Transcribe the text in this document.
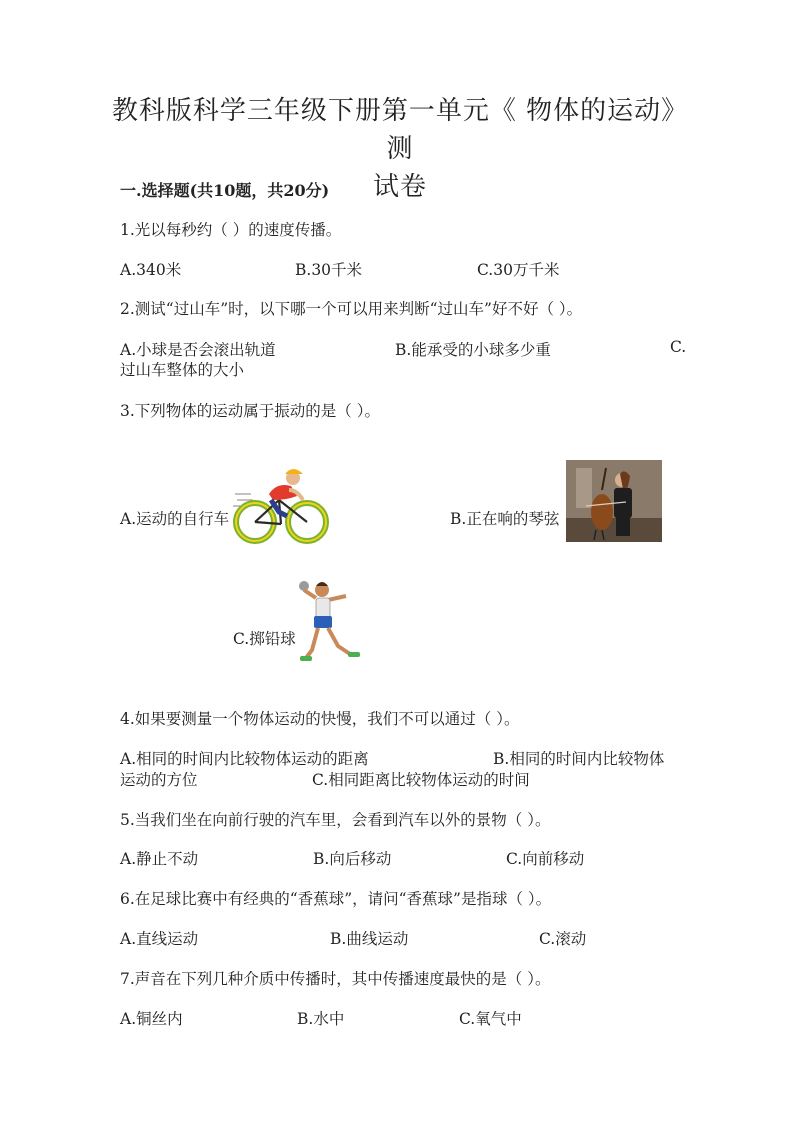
教科版科学三年级下册第一单元《 物体的运动》测
试卷
一.选择题(共10题，共20分)
1.光以每秒约（ ）的速度传播。
A.340米	B.30千米	C.30万千米
2.测试“过山车”时，以下哪一个可以用来判断“过山车”好不好（ ）。
A.小球是否会滚出轨道	B.能承受的小球多少重	C.
过山车整体的大小
3.下列物体的运动属于振动的是（ ）。
A.运动的自行车	B.正在响的琴弦
C.掷铅球
4.如果要测量一个物体运动的快慢，我们不可以通过（ ）。
A.相同的时间内比较物体运动的距离	B.相同的时间内比较物体
运动的方位	C.相同距离比较物体运动的时间
5.当我们坐在向前行驶的汽车里，会看到汽车以外的景物（ ）。
A.静止不动	B.向后移动	C.向前移动
6.在足球比赛中有经典的“香蕉球”，请问“香蕉球”是指球（ ）。
A.直线运动	B.曲线运动	C.滚动
7.声音在下列几种介质中传播时，其中传播速度最快的是（ ）。
A.铜丝内	B.水中	C.氧气中
